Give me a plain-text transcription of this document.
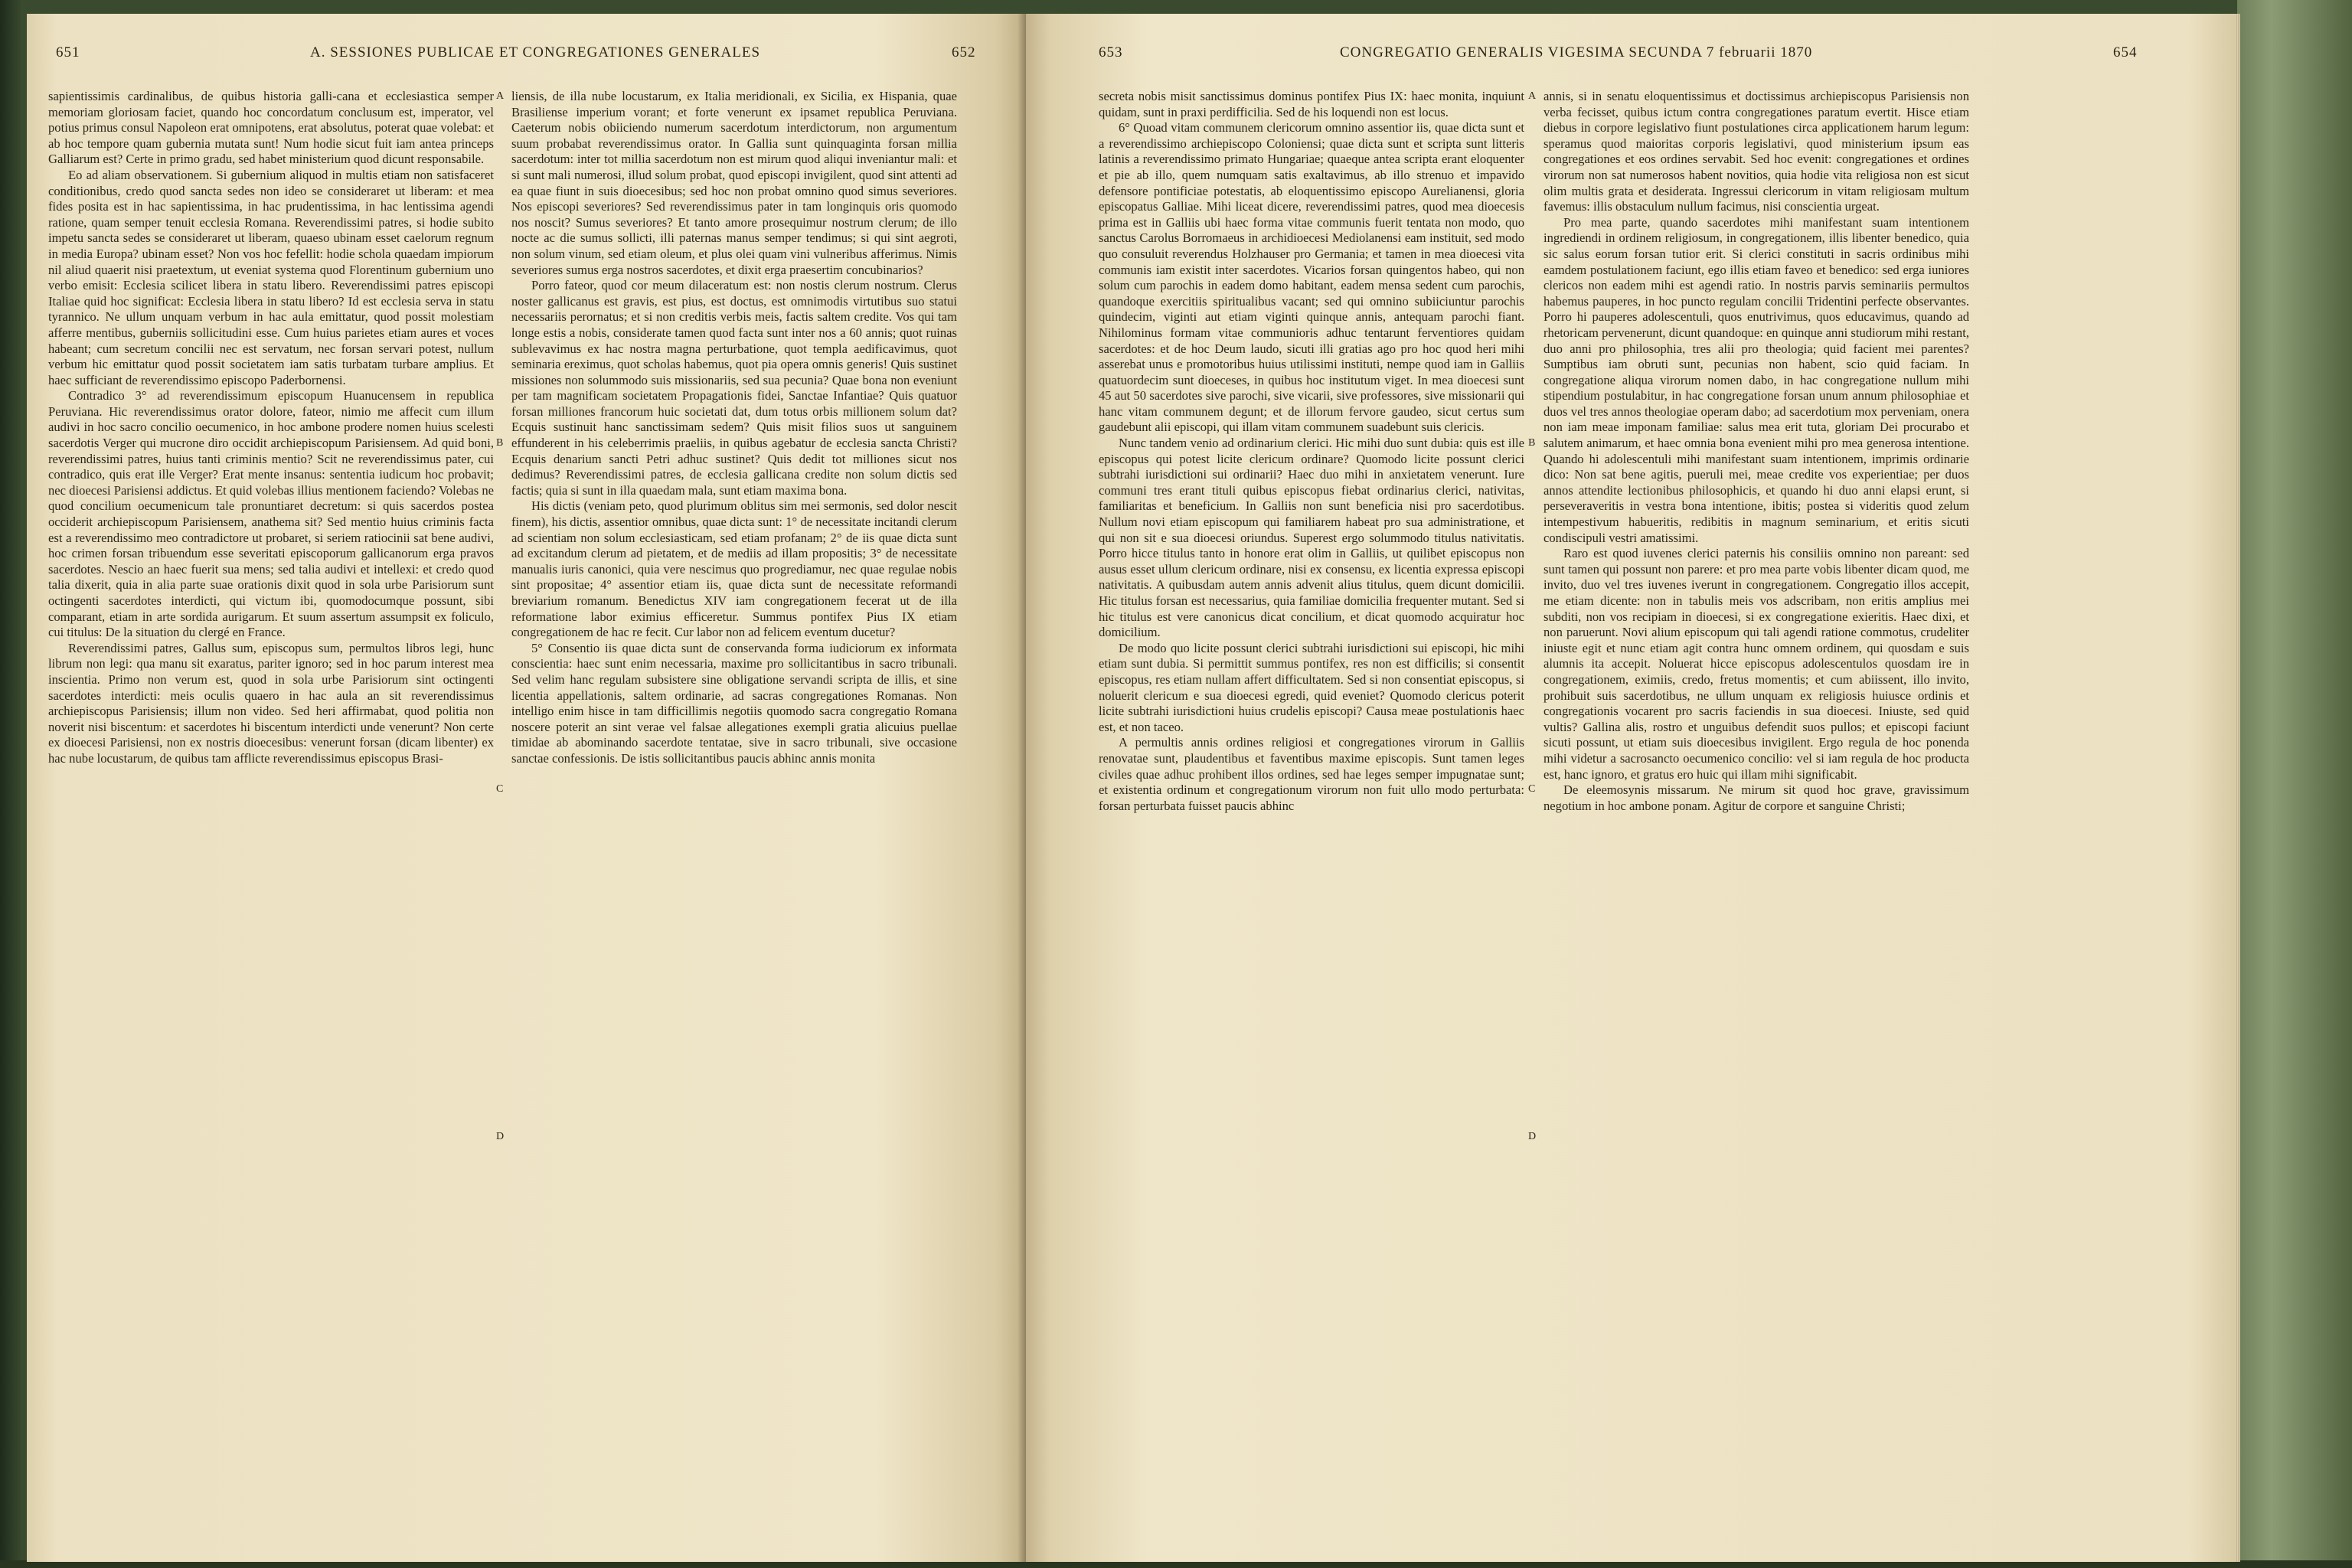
651	A. SESSIONES PUBLICAE ET CONGREGATIONES GENERALES	652

sapientissimis cardinalibus, de quibus historia galli-cana et ecclesiastica semper memoriam gloriosam faciet, quando hoc concordatum conclusum est, imperator, vel potius primus consul Napoleon erat omnipotens, erat absolutus, poterat quae volebat: et ab hoc tempore quam gubernia mutata sunt! Num hodie sicut fuit iam antea princeps Galliarum est? Certe in primo gradu, sed habet ministerium quod dicunt responsabile.

Eo ad aliam observationem. Si gubernium aliquod in multis etiam non satisfaceret conditionibus, credo quod sancta sedes non ideo se consideraret ut liberam: et mea fides posita est in hac sapientissima, in hac prudentissima, in hac lentissima agendi ratione, quam semper tenuit ecclesia Romana. Reverendissimi patres, si hodie subito impetu sancta sedes se consideraret ut liberam, quaeso ubinam esset caelorum regnum in media Europa? ubinam esset? Non vos hoc fefellit: hodie schola quaedam impiorum nil aliud quaerit nisi praetextum, ut eveniat systema quod Florentinum gubernium uno verbo emisit: Ecclesia scilicet libera in statu libero. Reverendissimi patres episcopi Italiae quid hoc significat: Ecclesia libera in statu libero? Id est ecclesia serva in statu tyrannico. Ne ullum unquam verbum in hac aula emittatur, quod possit molestiam afferre mentibus, guberniis sollicitudini esse. Cum huius parietes etiam aures et voces habeant; cum secretum concilii nec est servatum, nec forsan servari potest, nullum verbum hic emittatur quod possit societatem iam satis turbatam turbare amplius. Et haec sufficiant de reverendissimo episcopo Paderbornensi.

Contradico 3° ad reverendissimum episcopum Huanucensem in republica Peruviana. Hic reverendissimus orator dolore, fateor, nimio me affecit cum illum audivi in hoc sacro concilio oecumenico, in hoc ambone prodere nomen huius scelesti sacerdotis Verger qui mucrone diro occidit archiepiscopum Parisiensem. Ad quid boni, reverendissimi patres, huius tanti criminis mentio? Scit ne reverendissimus pater, cui contradico, quis erat ille Verger? Erat mente insanus: sententia iudicum hoc probavit; nec dioecesi Parisiensi addictus. Et quid volebas illius mentionem faciendo? Volebas ne quod concilium oecumenicum tale pronuntiaret decretum: si quis sacerdos postea occiderit archiepiscopum Parisiensem, anathema sit? Sed mentio huius criminis facta est a reverendissimo meo contradictore ut probaret, si seriem ratiocinii sat bene audivi, hoc crimen forsan tribuendum esse severitati episcoporum gallicanorum erga pravos sacerdotes. Nescio an haec fuerit sua mens; sed talia audivi et intellexi: et credo quod talia dixerit, quia in alia parte suae orationis dixit quod in sola urbe Parisiorum sunt octingenti sacerdotes interdicti, qui victum ibi, quomodocumque possunt, sibi comparant, etiam in arte sordida aurigarum. Et suum assertum assumpsit ex foliculo, cui titulus: De la situation du clergé en France.

Reverendissimi patres, Gallus sum, episcopus sum, permultos libros legi, hunc librum non legi: qua manu sit exaratus, pariter ignoro; sed in hoc parum interest mea inscientia. Primo non verum est, quod in sola urbe Parisiorum sint octingenti sacerdotes interdicti: meis oculis quaero in hac aula an sit reverendissimus archiepiscopus Parisiensis; illum non video. Sed heri affirmabat, quod politia non noverit nisi biscentum: et sacerdotes hi biscentum interdicti unde venerunt? Non certe ex dioecesi Parisiensi, non ex nostris dioecesibus: venerunt forsan (dicam libenter) ex hac nube locustarum, de quibus tam afflicte reverendissimus episcopus Brasi-

A
B
C
D

liensis, de illa nube locustarum, ex Italia meridionali, ex Sicilia, ex Hispania, quae Brasiliense imperium vorant; et forte venerunt ex ipsamet republica Peruviana. Caeterum nobis obiiciendo numerum sacerdotum interdictorum, non argumentum suum probabat reverendissimus orator. In Gallia sunt quinquaginta forsan millia sacerdotum: inter tot millia sacerdotum non est mirum quod aliqui inveniantur mali: et si sunt mali numerosi, illud solum probat, quod episcopi invigilent, quod sint attenti ad ea quae fiunt in suis dioecesibus; sed hoc non probat omnino quod simus severiores. Nos episcopi severiores? Sed reverendissimus pater in tam longinquis oris quomodo nos noscit? Sumus severiores? Et tanto amore prosequimur nostrum clerum; de illo nocte ac die sumus sollicti, illi paternas manus semper tendimus; si qui sint aegroti, non solum vinum, sed etiam oleum, et plus olei quam vini vulneribus afferimus. Nimis severiores sumus erga nostros sacerdotes, et dixit erga praesertim concubinarios?

Porro fateor, quod cor meum dilaceratum est: non nostis clerum nostrum. Clerus noster gallicanus est gravis, est pius, est doctus, est omnimodis virtutibus suo statui necessariis perornatus; et si non creditis verbis meis, factis saltem credite. Vos qui tam longe estis a nobis, considerate tamen quod facta sunt inter nos a 60 annis; quot ruinas sublevavimus ex hac nostra magna perturbatione, quot templa aedificavimus, quot seminaria ereximus, quot scholas habemus, quot pia opera omnis generis! Quis sustinet missiones non solummodo suis missionariis, sed sua pecunia? Quae bona non eveniunt per tam magnificam societatem Propagationis fidei, Sanctae Infantiae? Quis quatuor forsan milliones francorum huic societati dat, dum totus orbis millionem solum dat? Ecquis sustinuit hanc sanctissimam sedem? Quis misit filios suos ut sanguinem effunderent in his celeberrimis praeliis, in quibus agebatur de ecclesia sancta Christi? Ecquis denarium sancti Petri adhuc sustinet? Quis dedit tot milliones sicut nos dedimus? Reverendissimi patres, de ecclesia gallicana credite non solum dictis sed factis; quia si sunt in illa quaedam mala, sunt etiam maxima bona.

His dictis (veniam peto, quod plurimum oblitus sim mei sermonis, sed dolor nescit finem), his dictis, assentior omnibus, quae dicta sunt: 1° de necessitate incitandi clerum ad scientiam non solum ecclesiasticam, sed etiam profanam; 2° de iis quae dicta sunt ad excitandum clerum ad pietatem, et de mediis ad illam propositis; 3° de necessitate manualis iuris canonici, quia vere nescimus quo progrediamur, nec quae regulae nobis sint propositae; 4° assentior etiam iis, quae dicta sunt de necessitate reformandi breviarium romanum. Benedictus XIV iam congregationem fecerat ut de illa reformatione labor eximius efficeretur. Summus pontifex Pius IX etiam congregationem de hac re fecit. Cur labor non ad felicem eventum ducetur?

5° Consentio iis quae dicta sunt de conservanda forma iudiciorum ex informata conscientia: haec sunt enim necessaria, maxime pro sollicitantibus in sacro tribunali. Sed velim hanc regulam subsistere sine obligatione servandi scripta de illis, et sine licentia appellationis, saltem ordinarie, ad sacras congregationes Romanas. Non intelligo enim hisce in tam difficillimis negotiis quomodo sacra congregatio Romana noscere poterit an sint verae vel falsae allegationes exempli gratia alicuius puellae timidae ab abominando sacerdote tentatae, sive in sacro tribunali, sive occasione sanctae confessionis. De istis sollicitantibus paucis abhinc annis monita

653	CONGREGATIO GENERALIS VIGESIMA SECUNDA 7 februarii 1870	654

secreta nobis misit sanctissimus dominus pontifex Pius IX: haec monita, inquiunt quidam, sunt in praxi perdifficilia. Sed de his loquendi non est locus.

6° Quoad vitam communem clericorum omnino assentior iis, quae dicta sunt et a reverendissimo archiepiscopo Coloniensi; quae dicta sunt et scripta sunt litteris latinis a reverendissimo primato Hungariae; quaeque antea scripta erant eloquenter et pie ab illo, quem numquam satis exaltavimus, ab illo strenuo et impavido defensore pontificiae potestatis, ab eloquentissimo episcopo Aurelianensi, gloria episcopatus Galliae. Mihi liceat dicere, reverendissimi patres, quod mea dioecesis prima est in Galliis ubi haec forma vitae communis fuerit tentata non modo, quo sanctus Carolus Borromaeus in archidioecesi Mediolanensi eam instituit, sed modo quo consuluit reverendus Holzhauser pro Germania; et tamen in mea dioecesi vita communis iam existit inter sacerdotes. Vicarios forsan quingentos habeo, qui non solum cum parochis in eadem domo habitant, eadem mensa sedent cum parochis, quandoque exercitiis spiritualibus vacant; sed qui omnino subiiciuntur parochis quindecim, viginti aut etiam viginti quinque annis, antequam parochi fiant. Nihilominus formam vitae communioris adhuc tentarunt ferventiores quidam sacerdotes: et de hoc Deum laudo, sicuti illi gratias ago pro hoc quod heri mihi asserebat unus e promotoribus huius utilissimi instituti, nempe quod iam in Galliis quatuordecim sunt dioeceses, in quibus hoc institutum viget. In mea dioecesi sunt 45 aut 50 sacerdotes sive parochi, sive vicarii, sive professores, sive missionarii qui hanc vitam communem degunt; et de illorum fervore gaudeo, sicut certus sum gaudebunt alii episcopi, qui illam vitam communem suadebunt suis clericis.

Nunc tandem venio ad ordinarium clerici. Hic mihi duo sunt dubia: quis est ille episcopus qui potest licite clericum ordinare? Quomodo licite possunt clerici subtrahi iurisdictioni sui ordinarii? Haec duo mihi in anxietatem venerunt. Iure communi tres erant tituli quibus episcopus fiebat ordinarius clerici, nativitas, familiaritas et beneficium. In Galliis non sunt beneficia nisi pro sacerdotibus. Nullum novi etiam episcopum qui familiarem habeat pro sua administratione, et qui non sit e sua dioecesi oriundus. Superest ergo solummodo titulus nativitatis. Porro hicce titulus tanto in honore erat olim in Galliis, ut quilibet episcopus non ausus esset ullum clericum ordinare, nisi ex consensu, ex licentia expressa episcopi nativitatis. A quibusdam autem annis advenit alius titulus, quem dicunt domicilii. Hic titulus forsan est necessarius, quia familiae domicilia frequenter mutant. Sed si hic titulus est vere canonicus dicat concilium, et dicat quomodo acquiratur hoc domicilium.

De modo quo licite possunt clerici subtrahi iurisdictioni sui episcopi, hic mihi etiam sunt dubia. Si permittit summus pontifex, res non est difficilis; si consentit episcopus, res etiam nullam affert difficultatem. Sed si non consentiat episcopus, si noluerit clericum e sua dioecesi egredi, quid eveniet? Quomodo clericus poterit licite subtrahi iurisdictioni huius crudelis episcopi? Causa meae postulationis haec est, et non taceo.

A permultis annis ordines religiosi et congregationes virorum in Galliis renovatae sunt, plaudentibus et faventibus maxime episcopis. Sunt tamen leges civiles quae adhuc prohibent illos ordines, sed hae leges semper impugnatae sunt; et existentia ordinum et congregationum virorum non fuit ullo modo perturbata: forsan perturbata fuisset paucis abhinc

A
B
C
D

annis, si in senatu eloquentissimus et doctissimus archiepiscopus Parisiensis non verba fecisset, quibus ictum contra congregationes paratum evertit. Hisce etiam diebus in corpore legislativo fiunt postulationes circa applicationem harum legum: speramus quod maioritas corporis legislativi, quod ministerium ipsum eas congregationes et eos ordines servabit. Sed hoc evenit: congregationes et ordines virorum non sat numerosos habent novitios, quia hodie vita religiosa non est sicut olim multis grata et desiderata. Ingressui clericorum in vitam religiosam multum favemus: illis obstaculum nullum facimus, nisi conscientia urgeat.

Pro mea parte, quando sacerdotes mihi manifestant suam intentionem ingrediendi in ordinem religiosum, in congregationem, illis libenter benedico, quia sic salus eorum forsan tutior erit. Si clerici constituti in sacris ordinibus mihi eamdem postulationem faciunt, ego illis etiam faveo et benedico: sed erga iuniores clericos non eadem mihi est agendi ratio. In nostris parvis seminariis permultos habemus pauperes, in hoc puncto regulam concilii Tridentini perfecte observantes. Porro hi pauperes adolescentuli, quos enutrivimus, quos educavimus, quando ad rhetoricam pervenerunt, dicunt quandoque: en quinque anni studiorum mihi restant, duo anni pro philosophia, tres alii pro theologia; quid facient mei parentes? Sumptibus iam obruti sunt, pecunias non habent, scio quid faciam. In congregatione aliqua virorum nomen dabo, in hac congregatione nullum mihi stipendium postulabitur, in hac congregatione forsan unum annum philosophiae et duos vel tres annos theologiae operam dabo; ad sacerdotium mox perveniam, onera non iam meae imponam familiae: salus mea erit tuta, gloriam Dei procurabo et salutem animarum, et haec omnia bona evenient mihi pro mea generosa intentione. Quando hi adolescentuli mihi manifestant suam intentionem, imprimis ordinarie dico: Non sat bene agitis, pueruli mei, meae credite vos experientiae; per duos annos attendite lectionibus philosophicis, et quando hi duo anni elapsi erunt, si perseveraveritis in vestra bona intentione, ibitis; postea si videritis quod zelum intempestivum habueritis, redibitis in magnum seminarium, et eritis sicuti condiscipuli vestri amatissimi.

Raro est quod iuvenes clerici paternis his consiliis omnino non pareant: sed sunt tamen qui possunt non parere: et pro mea parte vobis libenter dicam quod, me invito, duo vel tres iuvenes iverunt in congregationem. Congregatio illos accepit, me etiam dicente: non in tabulis meis vos adscribam, non eritis amplius mei subditi, non vos recipiam in dioecesi, si ex congregatione exieritis. Haec dixi, et non paruerunt. Novi alium episcopum qui tali agendi ratione commotus, crudeliter iniuste egit et nunc etiam agit contra hunc omnem ordinem, qui quosdam e suis alumnis ita accepit. Noluerat hicce episcopus adolescentulos quosdam ire in congregationem, eximiis, credo, fretus momentis; et cum abiissent, illo invito, prohibuit suis sacerdotibus, ne ullum unquam ex religiosis huiusce ordinis et congregationis vocarent pro sacris faciendis in sua dioecesi. Iniuste, sed quid vultis? Gallina alis, rostro et unguibus defendit suos pullos; et episcopi faciunt sicuti possunt, ut etiam suis dioecesibus invigilent. Ergo regula de hoc ponenda mihi videtur a sacrosancto oecumenico concilio: vel si iam regula de hoc producta est, hanc ignoro, et gratus ero huic qui illam mihi significabit.

De eleemosynis missarum. Ne mirum sit quod hoc grave, gravissimum negotium in hoc ambone ponam. Agitur de corpore et sanguine Christi;
